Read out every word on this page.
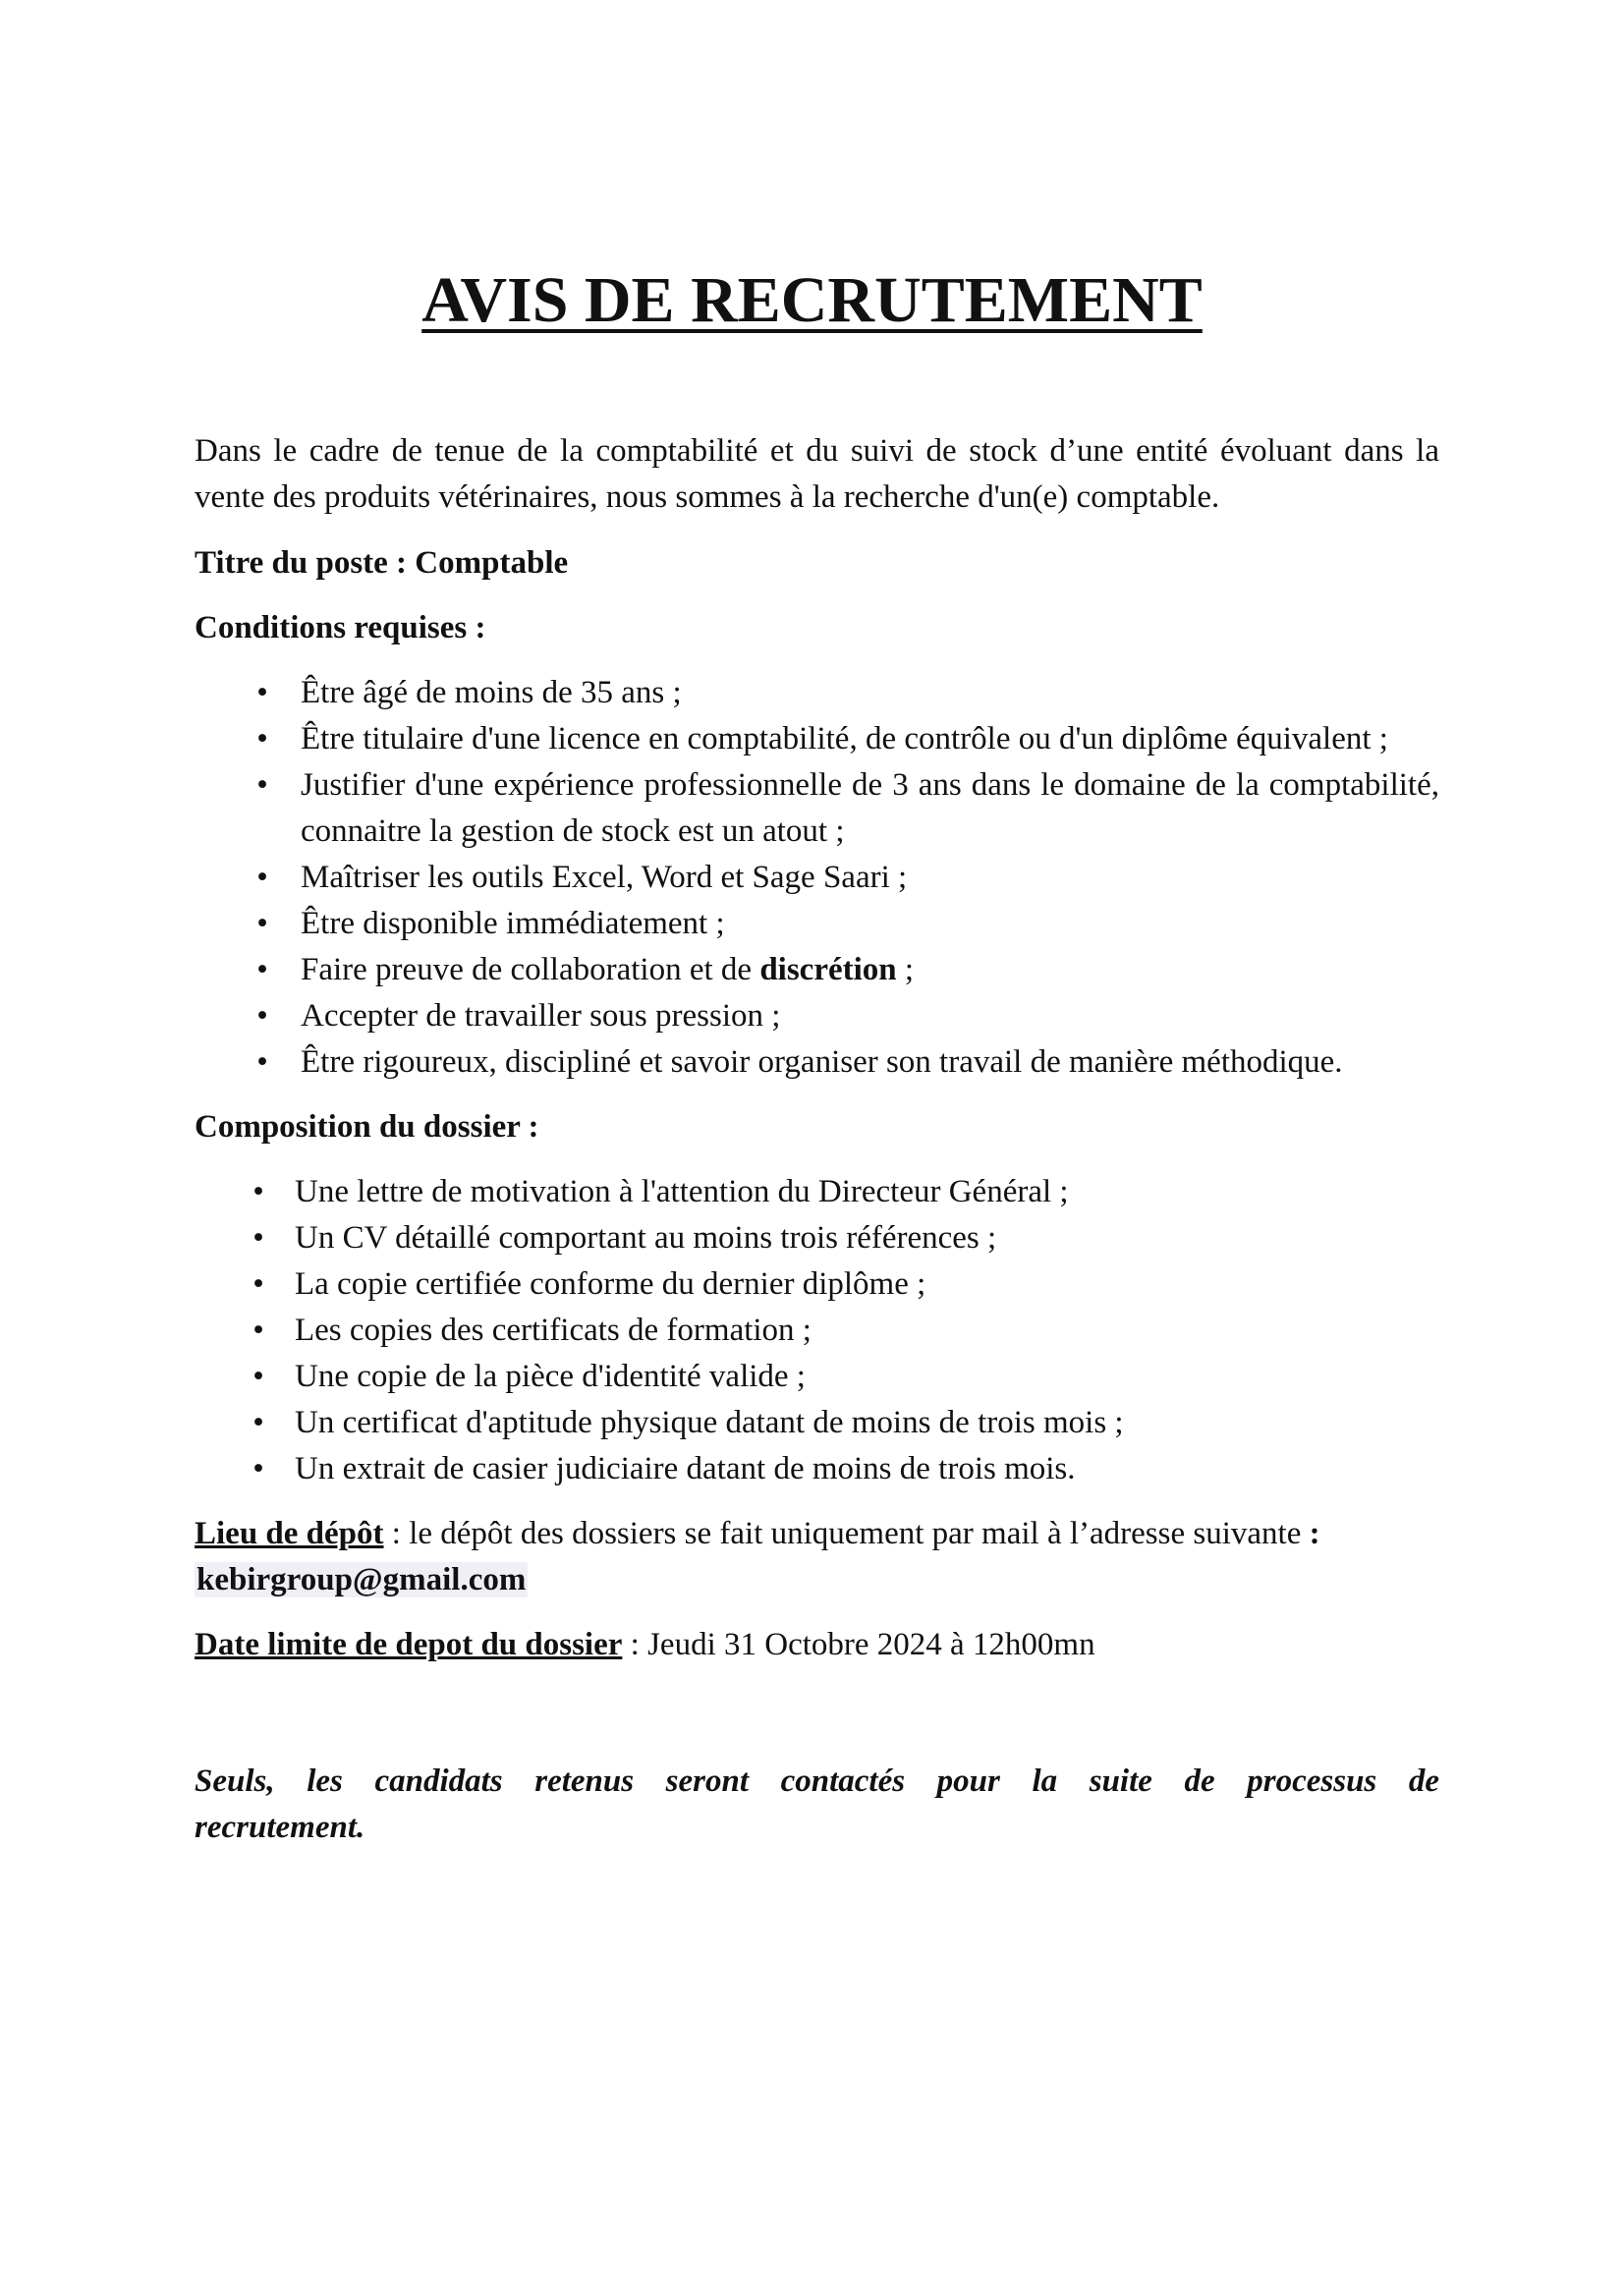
AVIS DE RECRUTEMENT

Dans le cadre de tenue de la comptabilité et du suivi de stock d’une entité évoluant dans la vente des produits vétérinaires, nous sommes à la recherche d'un(e) comptable.

Titre du poste : Comptable

Conditions requises :

• Être âgé de moins de 35 ans ;
• Être titulaire d'une licence en comptabilité, de contrôle ou d'un diplôme équivalent ;
• Justifier d'une expérience professionnelle de 3 ans dans le domaine de la comptabilité, connaitre la gestion de stock est un atout ;
• Maîtriser les outils Excel, Word et Sage Saari ;
• Être disponible immédiatement ;
• Faire preuve de collaboration et de discrétion ;
• Accepter de travailler sous pression ;
• Être rigoureux, discipliné et savoir organiser son travail de manière méthodique.

Composition du dossier :

• Une lettre de motivation à l'attention du Directeur Général ;
• Un CV détaillé comportant au moins trois références ;
• La copie certifiée conforme du dernier diplôme ;
• Les copies des certificats de formation ;
• Une copie de la pièce d'identité valide ;
• Un certificat d'aptitude physique datant de moins de trois mois ;
• Un extrait de casier judiciaire datant de moins de trois mois.

Lieu de dépôt : le dépôt des dossiers se fait uniquement par mail à l’adresse suivante :
kebirgroup@gmail.com

Date limite de depot du dossier : Jeudi 31 Octobre 2024 à 12h00mn

Seuls, les candidats retenus seront contactés pour la suite de processus de recrutement.
